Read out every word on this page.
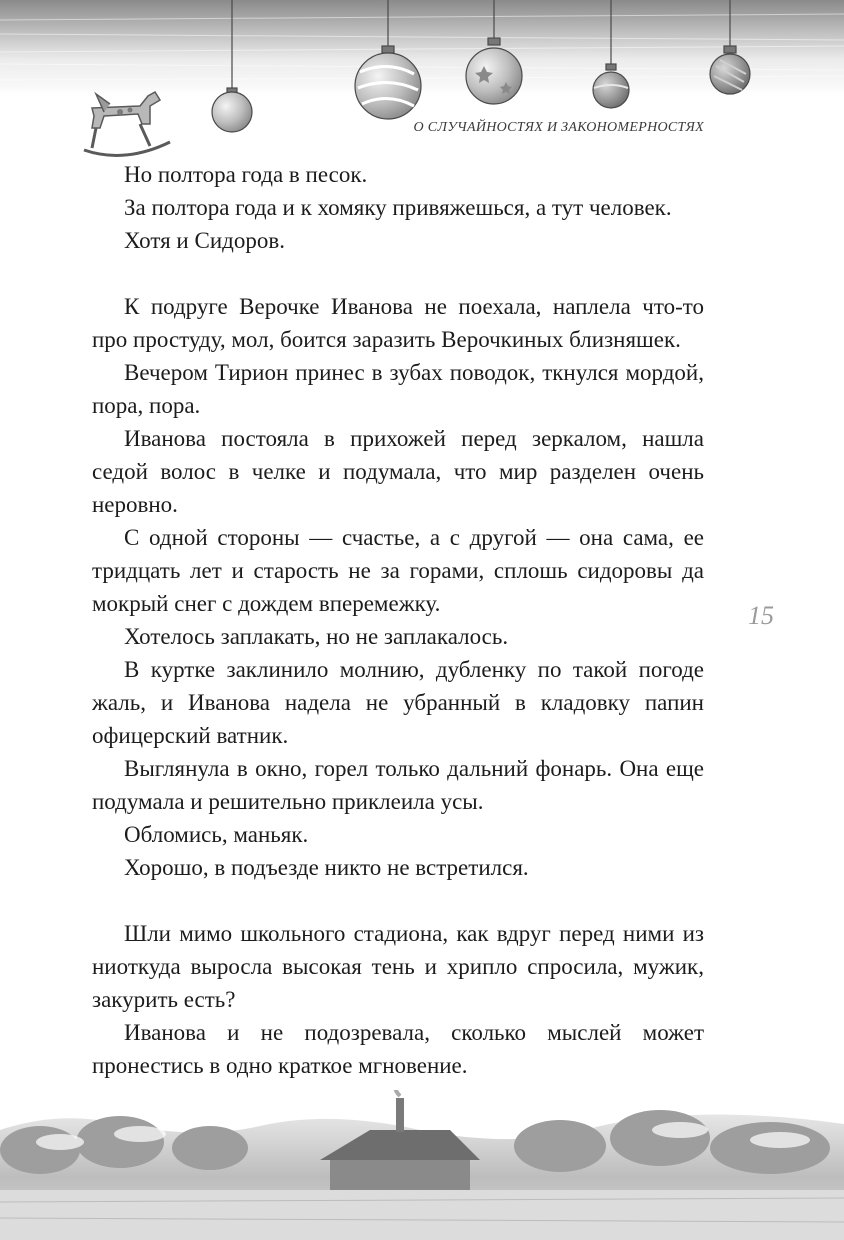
О СЛУЧАЙНОСТЯХ И ЗАКОНОМЕРНОСТЯХ

Но полтора года в песок.

За полтора года и к хомяку привяжешься, а тут человек.

Хотя и Сидоров.

К подруге Верочке Иванова не поехала, наплела что-то про простуду, мол, боится заразить Верочкиных близняшек.

Вечером Тирион принес в зубах поводок, ткнулся мордой, пора, пора.

Иванова постояла в прихожей перед зеркалом, нашла седой волос в челке и подумала, что мир разделен очень неровно.

С одной стороны — счастье, а с другой — она сама, ее тридцать лет и старость не за горами, сплошь сидоровы да мокрый снег с дождем вперемежку.

Хотелось заплакать, но не заплакалось.

В куртке заклинило молнию, дубленку по такой погоде жаль, и Иванова надела не убранный в кладовку папин офицерский ватник.

Выглянула в окно, горел только дальний фонарь. Она еще подумала и решительно приклеила усы.

Обломись, маньяк.

Хорошо, в подъезде никто не встретился.

Шли мимо школьного стадиона, как вдруг перед ними из ниоткуда выросла высокая тень и хрипло спросила, мужик, закурить есть?

Иванова и не подозревала, сколько мыслей может пронестись в одно краткое мгновение.

15
